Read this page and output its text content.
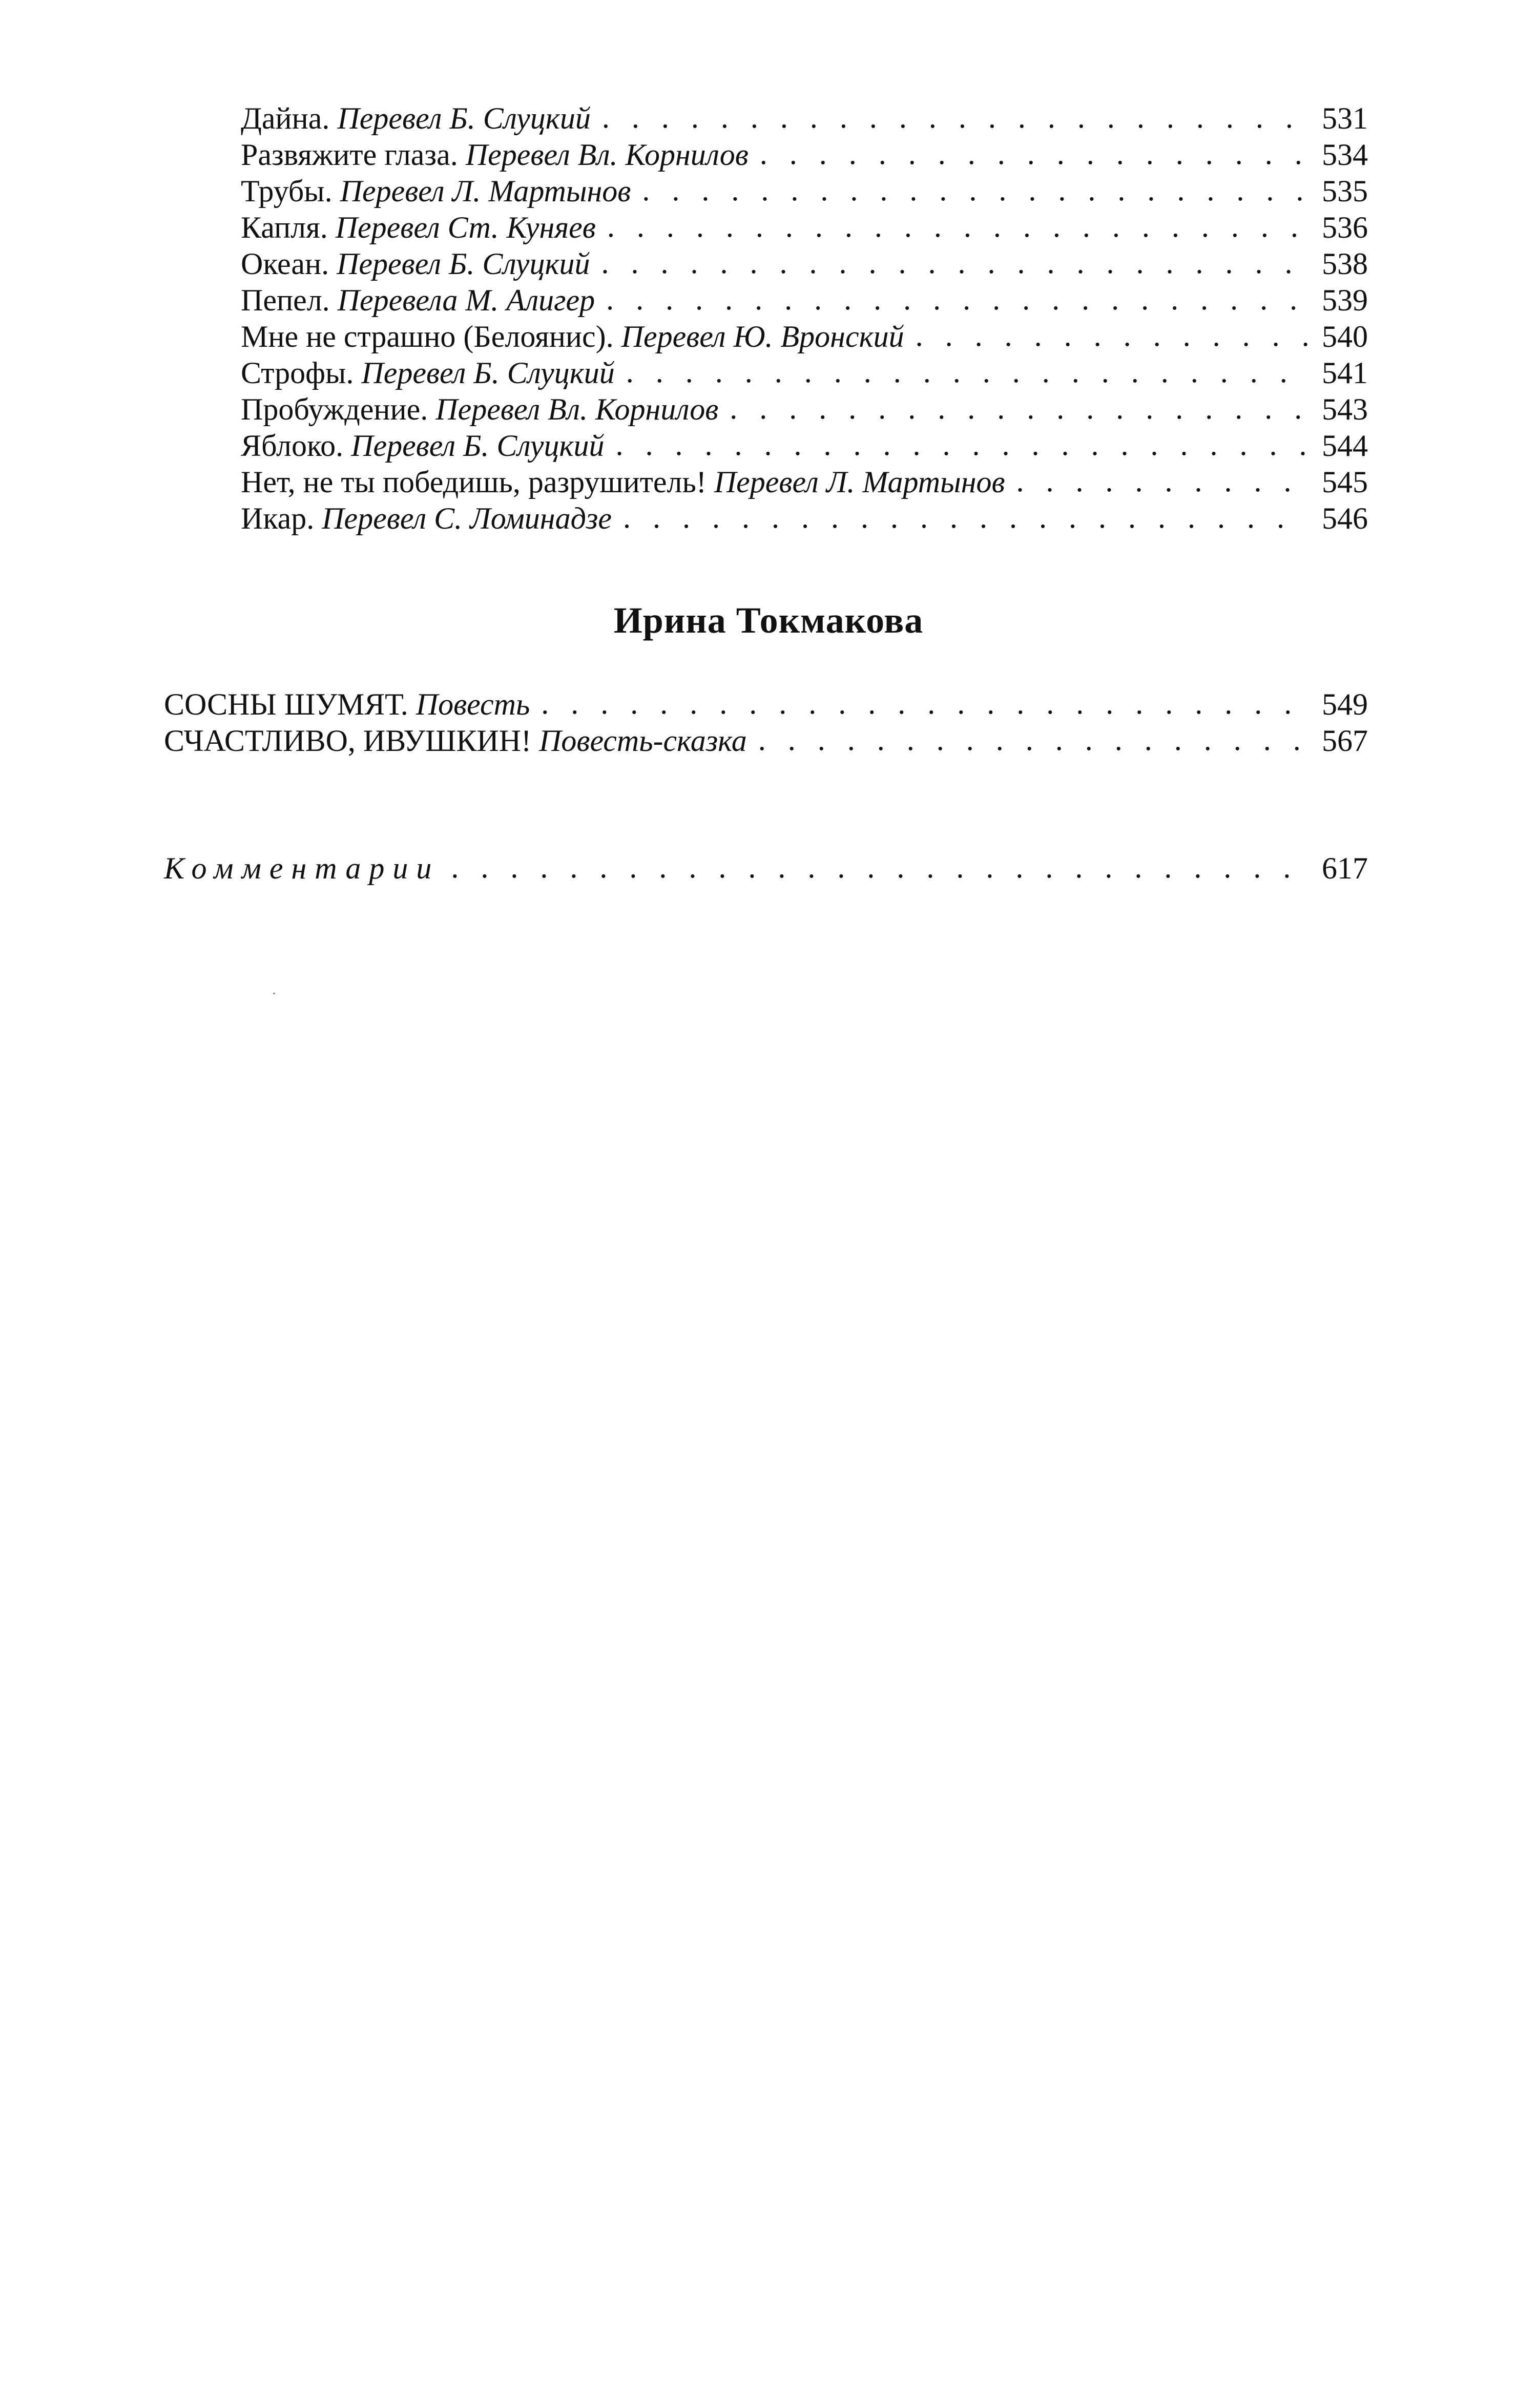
Дайна. Перевел Б. Слуцкий . . .	531
Развяжите глаза. Перевел Вл. Корнилов . . .	534
Трубы. Перевел Л. Мартынов . . .	535
Капля. Перевел Ст. Куняев . . .	536
Океан. Перевел Б. Слуцкий . . .	538
Пепел. Перевела М. Алигер . . .	539
Мне не страшно (Белоянис). Перевел Ю. Вронский . . .	540
Строфы. Перевел Б. Слуцкий . . .	541
Пробуждение. Перевел Вл. Корнилов . . .	543
Яблоко. Перевел Б. Слуцкий . . .	544
Нет, не ты победишь, разрушитель! Перевел Л. Мартынов . . .	545
Икар. Перевел С. Ломинадзе . . .	546
Ирина Токмакова
СОСНЫ ШУМЯТ. Повесть . . .	549
СЧАСТЛИВО, ИВУШКИН! Повесть-сказка . . .	567
Комментарии . . .	617
